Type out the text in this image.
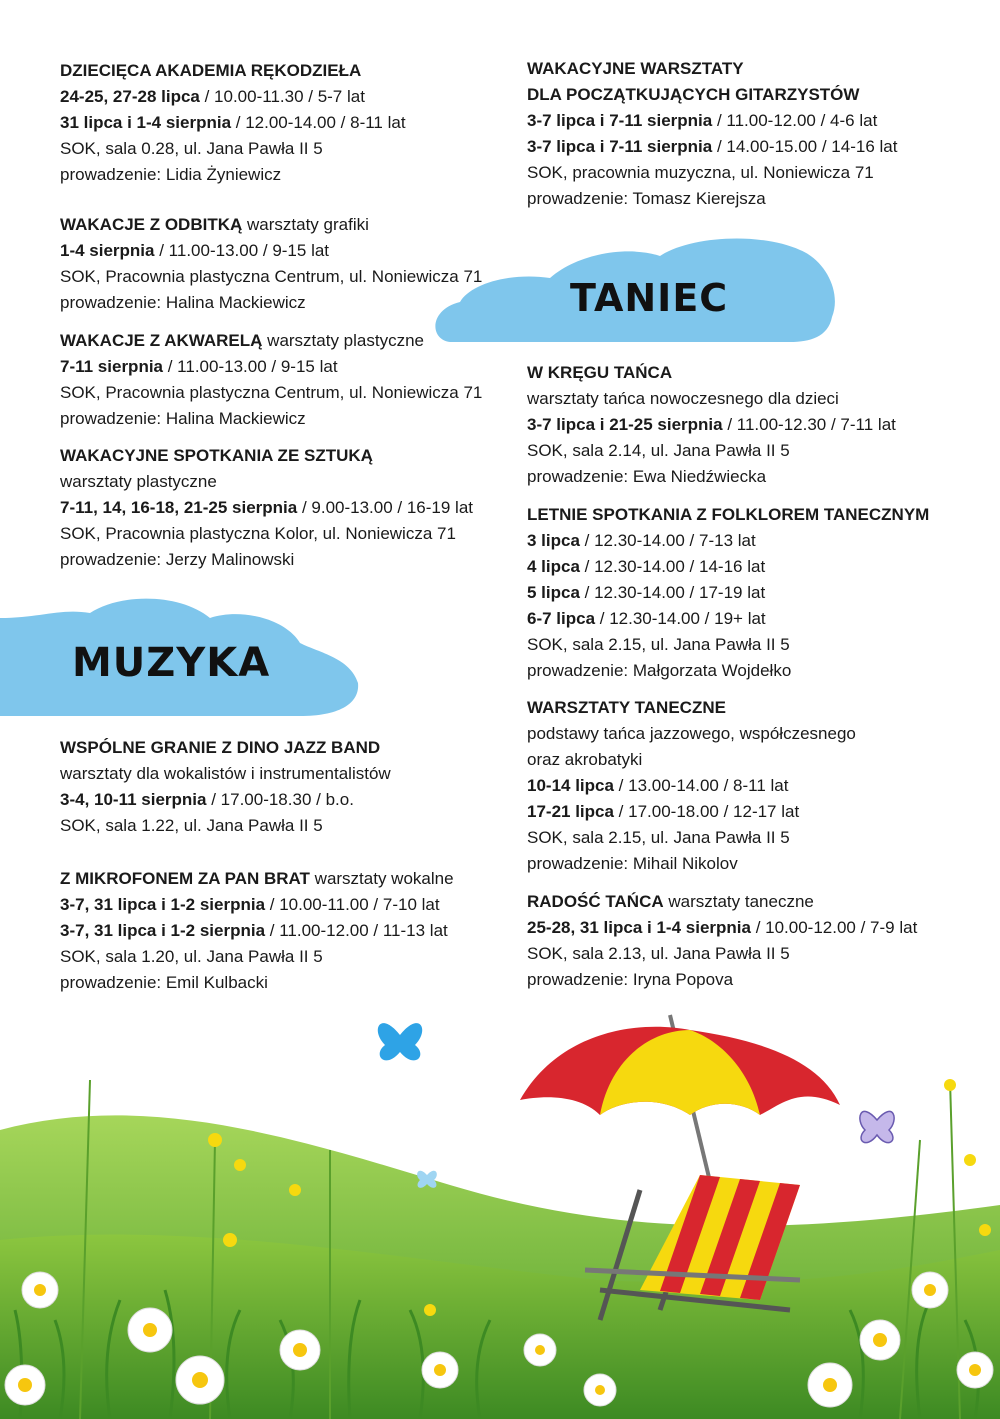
DZIECIĘCA AKADEMIA RĘKODZIEŁA
24-25, 27-28 lipca / 10.00-11.30 / 5-7 lat
31 lipca i 1-4 sierpnia / 12.00-14.00 / 8-11 lat
SOK, sala 0.28, ul. Jana Pawła II 5
prowadzenie: Lidia Żyniewicz
WAKACJE Z ODBITKĄ warsztaty grafiki
1-4 sierpnia / 11.00-13.00 / 9-15 lat
SOK, Pracownia plastyczna Centrum, ul. Noniewicza 71
prowadzenie: Halina Mackiewicz
WAKACJE Z AKWARELĄ warsztaty plastyczne
7-11 sierpnia / 11.00-13.00 / 9-15 lat
SOK, Pracownia plastyczna Centrum, ul. Noniewicza 71
prowadzenie: Halina Mackiewicz
WAKACYJNE SPOTKANIA ZE SZTUKĄ
warsztaty plastyczne
7-11, 14, 16-18, 21-25 sierpnia / 9.00-13.00 / 16-19 lat
SOK, Pracownia plastyczna Kolor, ul. Noniewicza 71
prowadzenie: Jerzy Malinowski
WSPÓLNE GRANIE Z DINO JAZZ BAND
warsztaty dla wokalistów i instrumentalistów
3-4, 10-11 sierpnia / 17.00-18.30 / b.o.
SOK, sala 1.22, ul. Jana Pawła II 5
Z MIKROFONEM ZA PAN BRAT warsztaty wokalne
3-7, 31 lipca i 1-2 sierpnia / 10.00-11.00 / 7-10 lat
3-7, 31 lipca i 1-2 sierpnia / 11.00-12.00 / 11-13 lat
SOK, sala 1.20, ul. Jana Pawła II 5
prowadzenie: Emil Kulbacki
WAKACYJNE WARSZTATY
DLA POCZĄTKUJĄCYCH GITARZYSTÓW
3-7 lipca i 7-11 sierpnia / 11.00-12.00 / 4-6 lat
3-7 lipca i 7-11 sierpnia / 14.00-15.00 / 14-16 lat
SOK, pracownia muzyczna, ul. Noniewicza 71
prowadzenie: Tomasz Kierejsza
W KRĘGU TAŃCA
warsztaty tańca nowoczesnego dla dzieci
3-7 lipca i 21-25 sierpnia / 11.00-12.30 / 7-11 lat
SOK, sala 2.14, ul. Jana Pawła II 5
prowadzenie: Ewa Niedźwiecka
LETNIE SPOTKANIA Z FOLKLOREM TANECZNYM
3 lipca / 12.30-14.00 / 7-13 lat
4 lipca / 12.30-14.00 / 14-16 lat
5 lipca / 12.30-14.00 / 17-19 lat
6-7 lipca / 12.30-14.00 / 19+ lat
SOK, sala 2.15, ul. Jana Pawła II 5
prowadzenie: Małgorzata Wojdełko
WARSZTATY TANECZNE
podstawy tańca jazzowego, współczesnego
oraz akrobatyki
10-14 lipca / 13.00-14.00 / 8-11 lat
17-21 lipca / 17.00-18.00 / 12-17 lat
SOK, sala 2.15, ul. Jana Pawła II 5
prowadzenie: Mihail Nikolov
RADOŚĆ TAŃCA warsztaty taneczne
25-28, 31 lipca i 1-4 sierpnia / 10.00-12.00 / 7-9 lat
SOK, sala 2.13, ul. Jana Pawła II 5
prowadzenie: Iryna Popova
MUZYKA
TANIEC
